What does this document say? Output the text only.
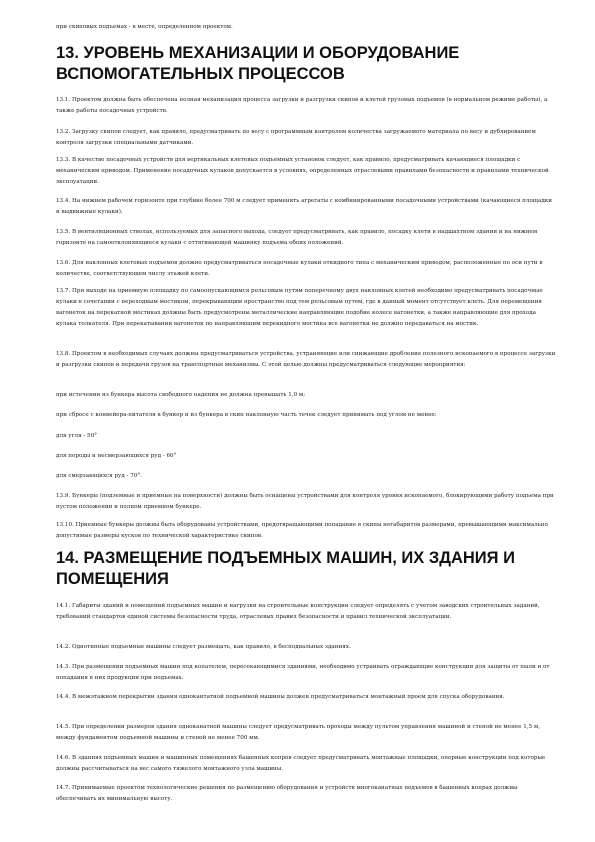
при скиповых подъемах - в месте, определенном проектом.

13. УРОВЕНЬ МЕХАНИЗАЦИИ И ОБОРУДОВАНИЕ ВСПОМОГАТЕЛЬНЫХ ПРОЦЕССОВ

13.1. Проектом должна быть обеспечена полная механизация процесса загрузки и разгрузки скипов и клетей грузовых подъемов (в нормальном режиме работы), а также работы посадочных устройств.

13.2. Загрузку скипов следует, как правило, предусматривать по весу с программным контролем количества загружаемого материала по весу и дублированием контроля загрузки специальными датчиками.

13.3. В качестве посадочных устройств для вертикальных клетевых подъемных установок следует, как правило, предусматривать качающиеся площадки с механическим приводом. Применение посадочных кулаков допускается в условиях, определенных отраслевыми правилами безопасности и правилами технической эксплуатации.

13.4. На нижнем рабочем горизонте при глубине более 700 м следует применять агрегаты с комбинированными посадочными устройствами (качающиеся площадки и выдвижные кулаки).

13.5. В вентиляционных стволах, используемых для запасного выхода, следует предусматривать, как правило, посадку клети в надшахтном здании и на нижнем горизонте на самоотклоняющиеся кулаки с оттягивающей машинку подъема обоих положений.

13.6. Для наклонных клетевых подъемов должно предусматриваться посадочные кулаки откидного типа с механическим приводом, расположенные по оси пути в количестве, соответствующем числу этажей клети.

13.7. При выходе на приемную площадку по самоопускающимся рельсовым путям поперечному двух наклонных клетей необходимо предусматривать посадочные кулаки в сочетании с переходным мостиком, перекрывающим пространство под тем рельсовым путем, где в данный момент отсутствует клеть. Для перемещения вагонеток на перекатной мостиках должны быть предусмотрены металлические направляющие подобие колесе вагонетки, а также направляющие для прохода кулака толкателя. При перекатывании вагонеток по направляющим перекидного мостика все вагонетки не должно передаваться на мостик.

13.8. Проектом в необходимых случаях должны предусматриваться устройства, устраняющие или снижающие дробление полезного ископаемого в процессе загрузки и разгрузки скипов и передачи грузов на транспортные механизмы. С этой целью должны предусматриваться следующие мероприятия:

при истечении из бункера высота свободного падения не должна превышать 1,0 м;

при сбросе с конвейера-питателя в бункер и из бункера в скип наклонную часть течек следует принимать под углом не менее:

для угля - 50°

для породы и несмерзающихся руд - 60°

для смерзающихся руд - 70°.

13.9. Бункеры (подземные и приемные на поверхности) должны быть оснащены устройствами для контроля уровня ископаемого, блокирующими работу подъема при пустом положении и полном приемном бункере.

13.10. Приемные бункеры должны быть оборудованы устройствами, предотвращающими попадание в скипы негабаритов размерами, превышающими максимально допустимые размеры кусков по технической характеристике скипов.

14. РАЗМЕЩЕНИЕ ПОДЪЕМНЫХ МАШИН, ИХ ЗДАНИЯ И ПОМЕЩЕНИЯ

14.1. Габариты зданий и помещений подъемных машин и нагрузки на строительные конструкции следует определять с учетом заводских строительных заданий, требований стандартов единой системы безопасности труда, отраслевых правил безопасности и правил технической эксплуатации.

14.2. Однотипные подъемные машины следует размещать, как правило, в бесподвальных зданиях.

14.3. При размещении подъемных машин под копателем, пересекающимися зданиями, необходимо устраивать ограждающие конструкции для защиты от пыли и от попадания в них продукции при подъемах.

14.4. В межэтажном перекрытии здания однокантатной подъемной машины должен предусматриваться монтажный проем для спуска оборудования.

14.5. При определении размеров здания одноканатной машины следует предусматривать проходы между пультом управления машиной и стеной не менее 1,5 м, между фундаментом подъемной машины и стеной не менее 700 мм.

14.6. В зданиях подъемных машин и машинных помещениях башенных копров следует предусматривать монтажные площадки, опорные конструкции под которые должны рассчитываться на вес самого тяжелого монтажного узла машины.

14.7. Принимаемые проектом технологические решения по размещению оборудования и устройств многоканатных подъемов в башенных копрах должны обеспечивать их минимальную высоту.
